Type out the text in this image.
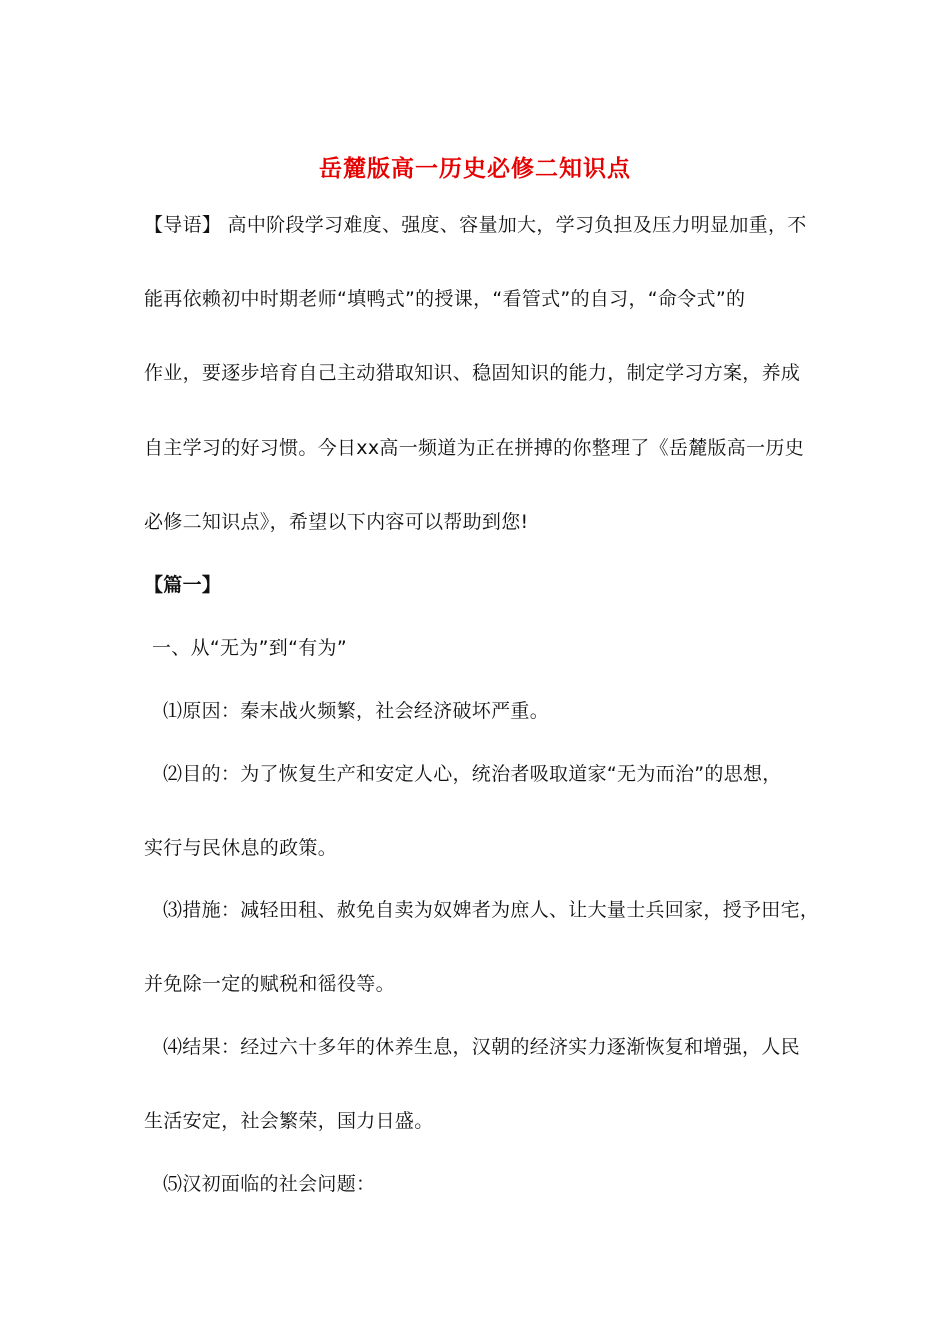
岳麓版高一历史必修二知识点
【导语】 高中阶段学习难度、强度、容量加大，学习负担及压力明显加重，不
能再依赖初中时期老师“填鸭式”的授课，“看管式”的自习，“命令式”的
作业，要逐步培育自己主动猎取知识、稳固知识的能力，制定学习方案，养成
自主学习的好习惯。今日xx高一频道为正在拼搏的你整理了《岳麓版高一历史
必修二知识点》，希望以下内容可以帮助到您!
【篇一】
一、从“无为”到“有为”
⑴原因：秦末战火频繁，社会经济破坏严重。
⑵目的：为了恢复生产和安定人心，统治者吸取道家“无为而治”的思想，
实行与民休息的政策。
⑶措施：减轻田租、赦免自卖为奴婢者为庶人、让大量士兵回家，授予田宅，
并免除一定的赋税和徭役等。
⑷结果：经过六十多年的休养生息，汉朝的经济实力逐渐恢复和增强，人民
生活安定，社会繁荣，国力日盛。
⑸汉初面临的社会问题：
